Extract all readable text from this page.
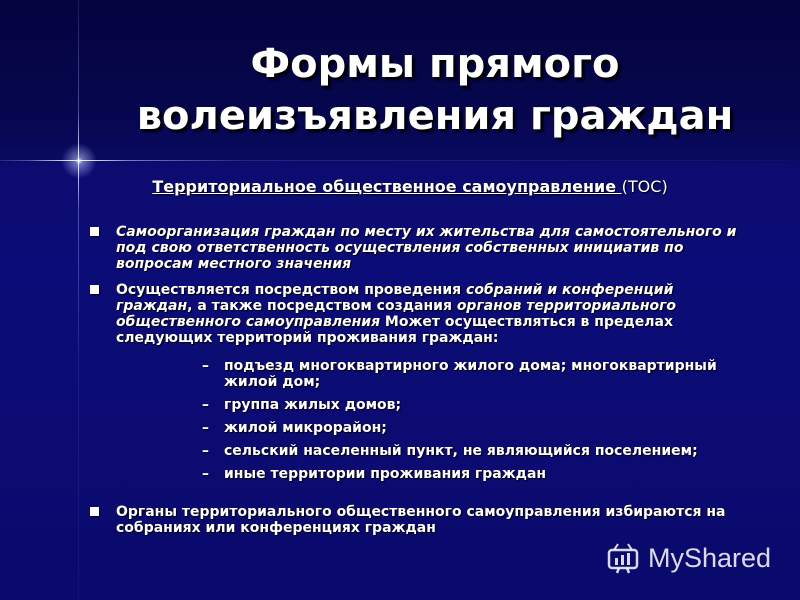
Формы прямого
волеизъявления граждан
Территориальное общественное самоуправление (ТОС)

Самоорганизация граждан по месту их жительства для самостоятельного и под свою ответственность осуществления собственных инициатив по вопросам местного значения

Осуществляется посредством проведения собраний и конференций граждан, а также посредством создания органов территориального общественного самоуправления Может осуществляться в пределах следующих территорий проживания граждан:

–	подъезд многоквартирного жилого дома; многоквартирный жилой дом;
–	группа жилых домов;
–	жилой микрорайон;
–	сельский населенный пункт, не являющийся поселением;
–	иные территории проживания граждан

Органы территориального общественного самоуправления избираются на собраниях или конференциях граждан

MyShared
